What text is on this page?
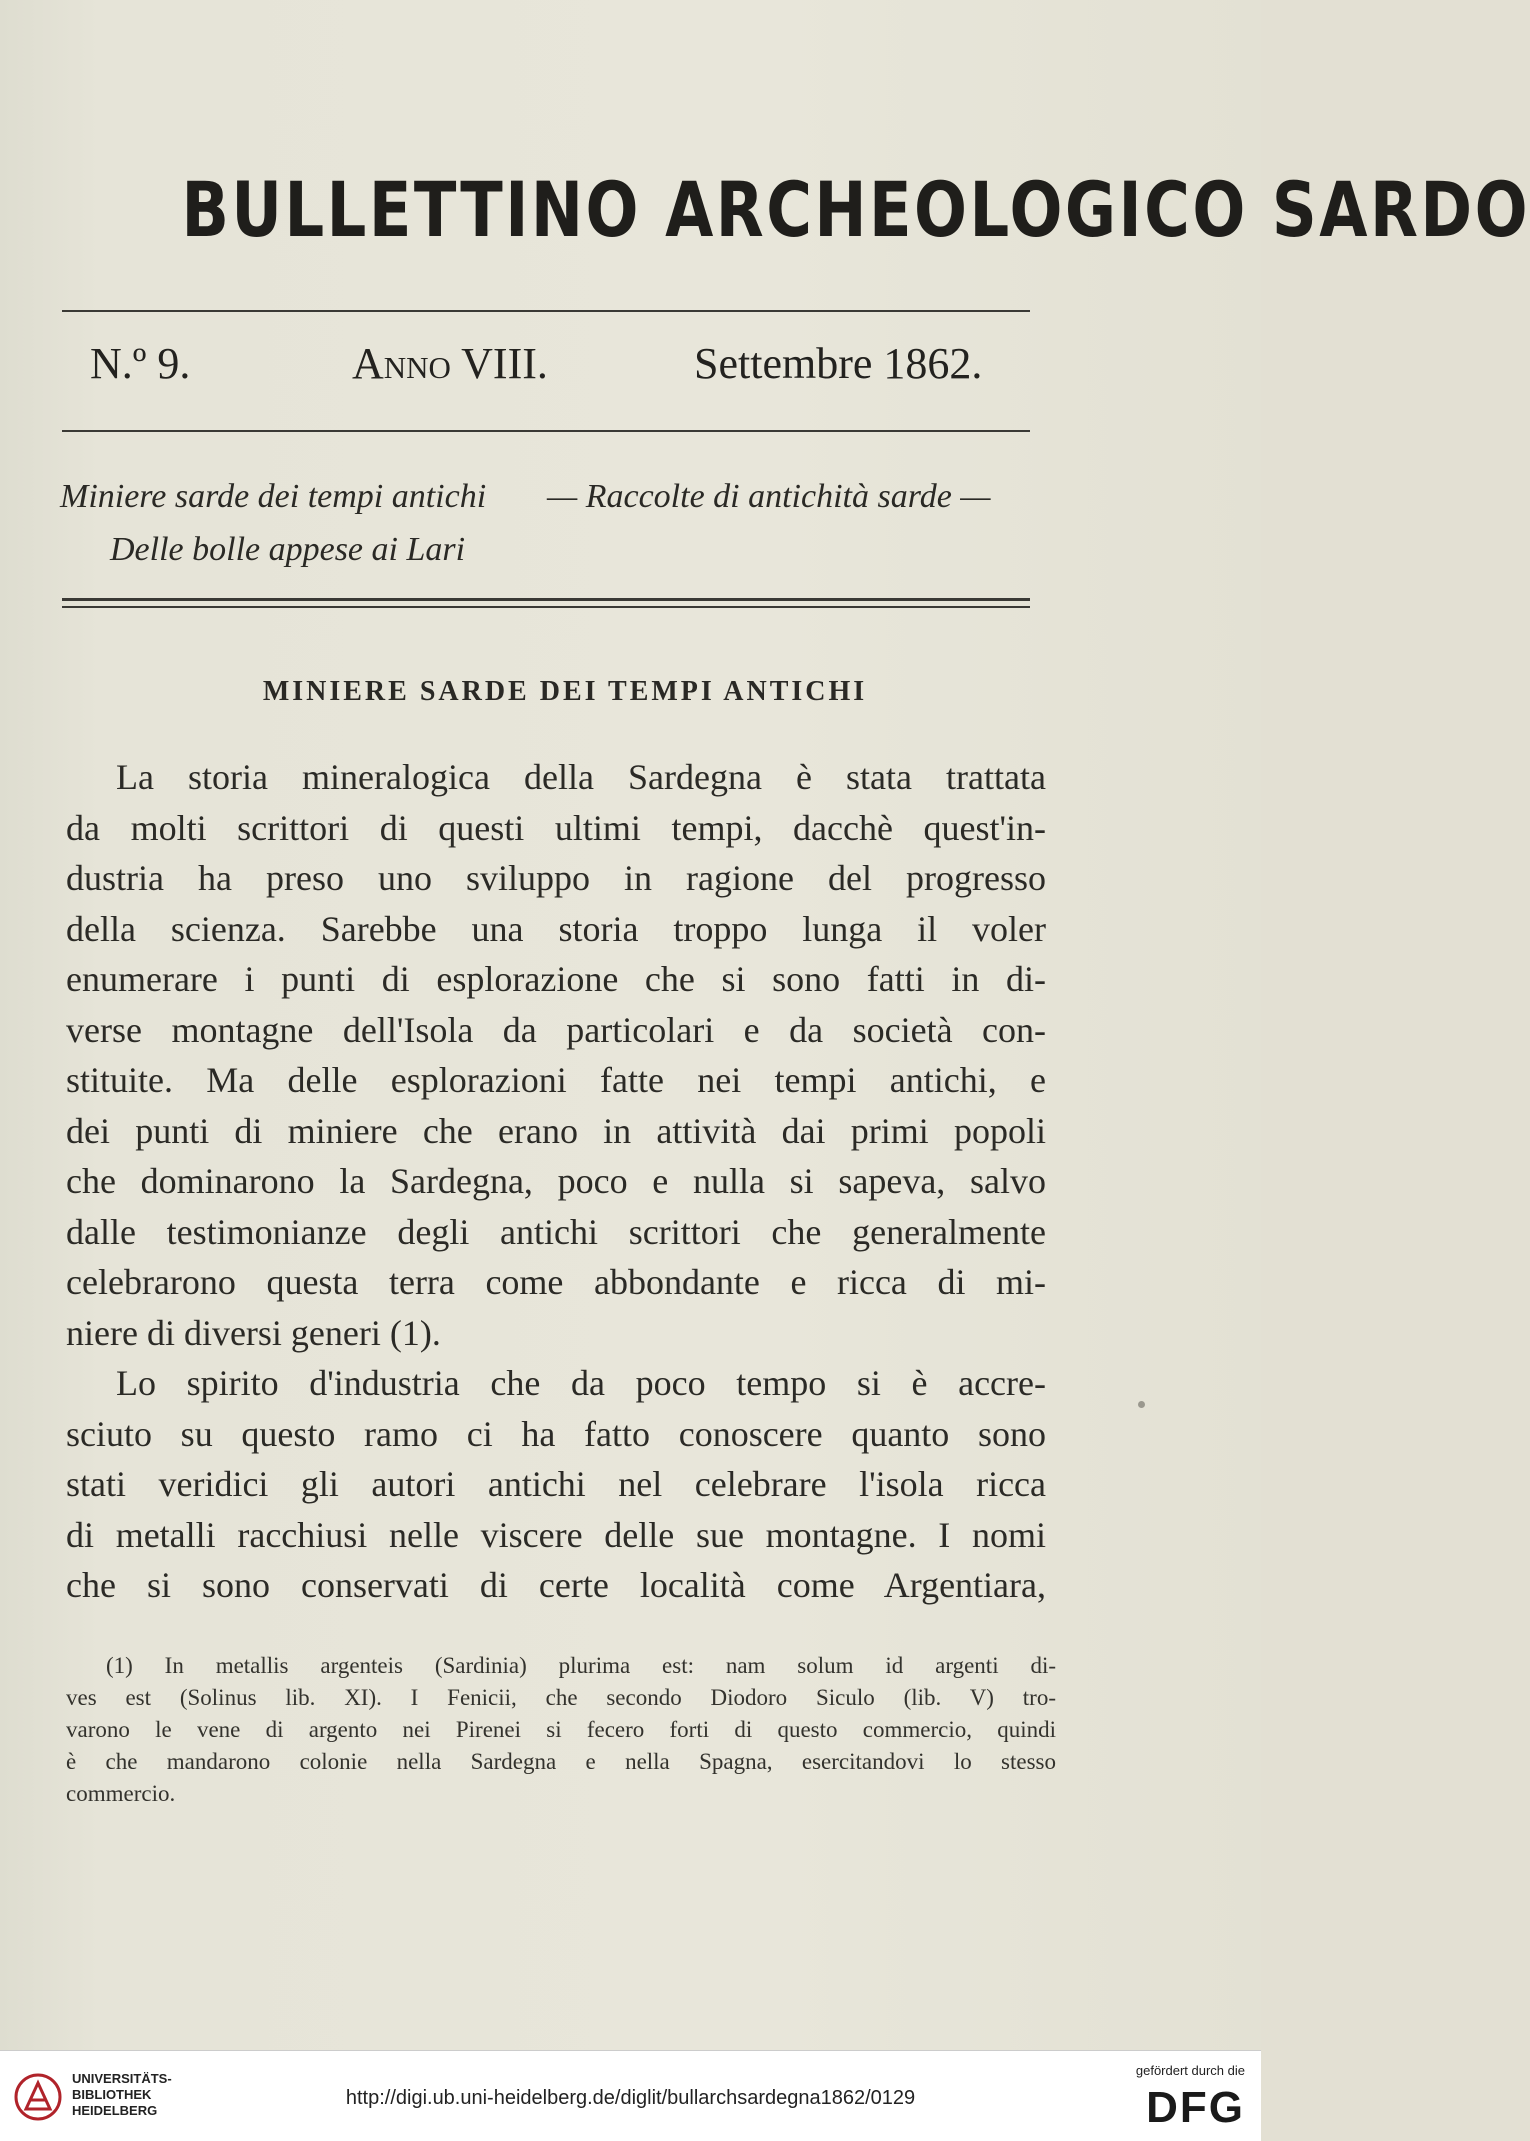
BULLETTINO ARCHEOLOGICO SARDO
N.º 9.	Anno VIII.	Settembre 1862.
Miniere sarde dei tempi antichi — Raccolte di antichità sarde —
Delle bolle appese ai Lari
MINIERE SARDE DEI TEMPI ANTICHI
La storia mineralogica della Sardegna è stata trattata
da molti scrittori di questi ultimi tempi, dacchè quest'in-
dustria ha preso uno sviluppo in ragione del progresso
della scienza. Sarebbe una storia troppo lunga il voler
enumerare i punti di esplorazione che si sono fatti in di-
verse montagne dell'Isola da particolari e da società con-
stituite. Ma delle esplorazioni fatte nei tempi antichi, e
dei punti di miniere che erano in attività dai primi popoli
che dominarono la Sardegna, poco e nulla si sapeva, salvo
dalle testimonianze degli antichi scrittori che generalmente
celebrarono questa terra come abbondante e ricca di mi-
niere di diversi generi (1).
Lo spirito d'industria che da poco tempo si è accre-
sciuto su questo ramo ci ha fatto conoscere quanto sono
stati veridici gli autori antichi nel celebrare l'isola ricca
di metalli racchiusi nelle viscere delle sue montagne. I nomi
che si sono conservati di certe località come Argentiara,
(1) In metallis argenteis (Sardinia) plurima est: nam solum id argenti di-
ves est (Solinus lib. XI). I Fenicii, che secondo Diodoro Siculo (lib. V) tro-
varono le vene di argento nei Pirenei si fecero forti di questo commercio, quindi
è che mandarono colonie nella Sardegna e nella Spagna, esercitandovi lo stesso
commercio.
UNIVERSITÄTS-
BIBLIOTHEK
HEIDELBERG
http://digi.ub.uni-heidelberg.de/diglit/bullarchsardegna1862/0129
gefördert durch die
DFG
